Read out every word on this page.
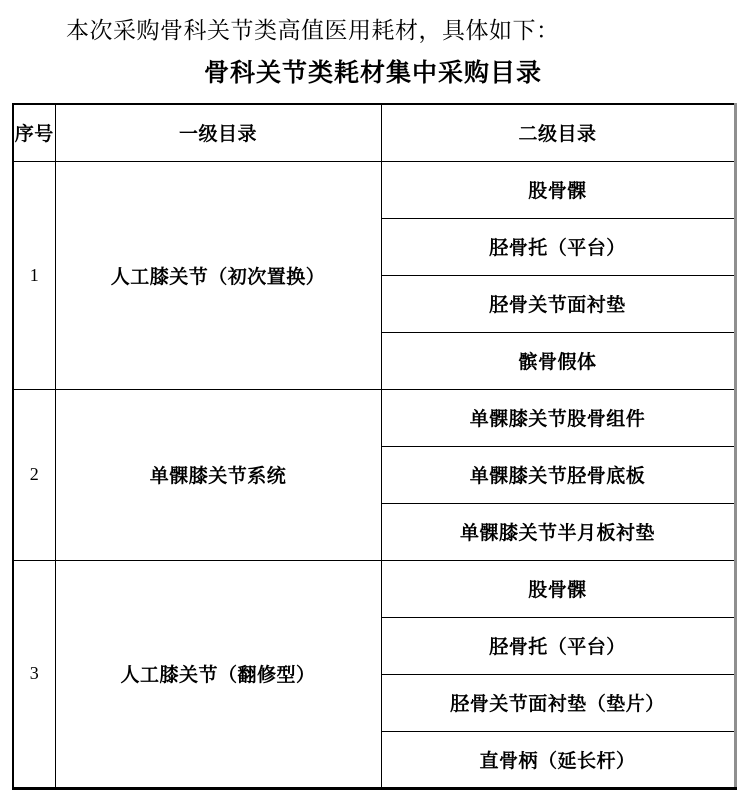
本次采购骨科关节类高值医用耗材，具体如下：

骨科关节类耗材集中采购目录
序号	一级目录	二级目录
1	人工膝关节（初次置换）	股骨髁
		胫骨托（平台）
		胫骨关节面衬垫
		髌骨假体
2	单髁膝关节系统	单髁膝关节股骨组件
		单髁膝关节胫骨底板
		单髁膝关节半月板衬垫
3	人工膝关节（翻修型）	股骨髁
		胫骨托（平台）
		胫骨关节面衬垫（垫片）
		直骨柄（延长杆）
